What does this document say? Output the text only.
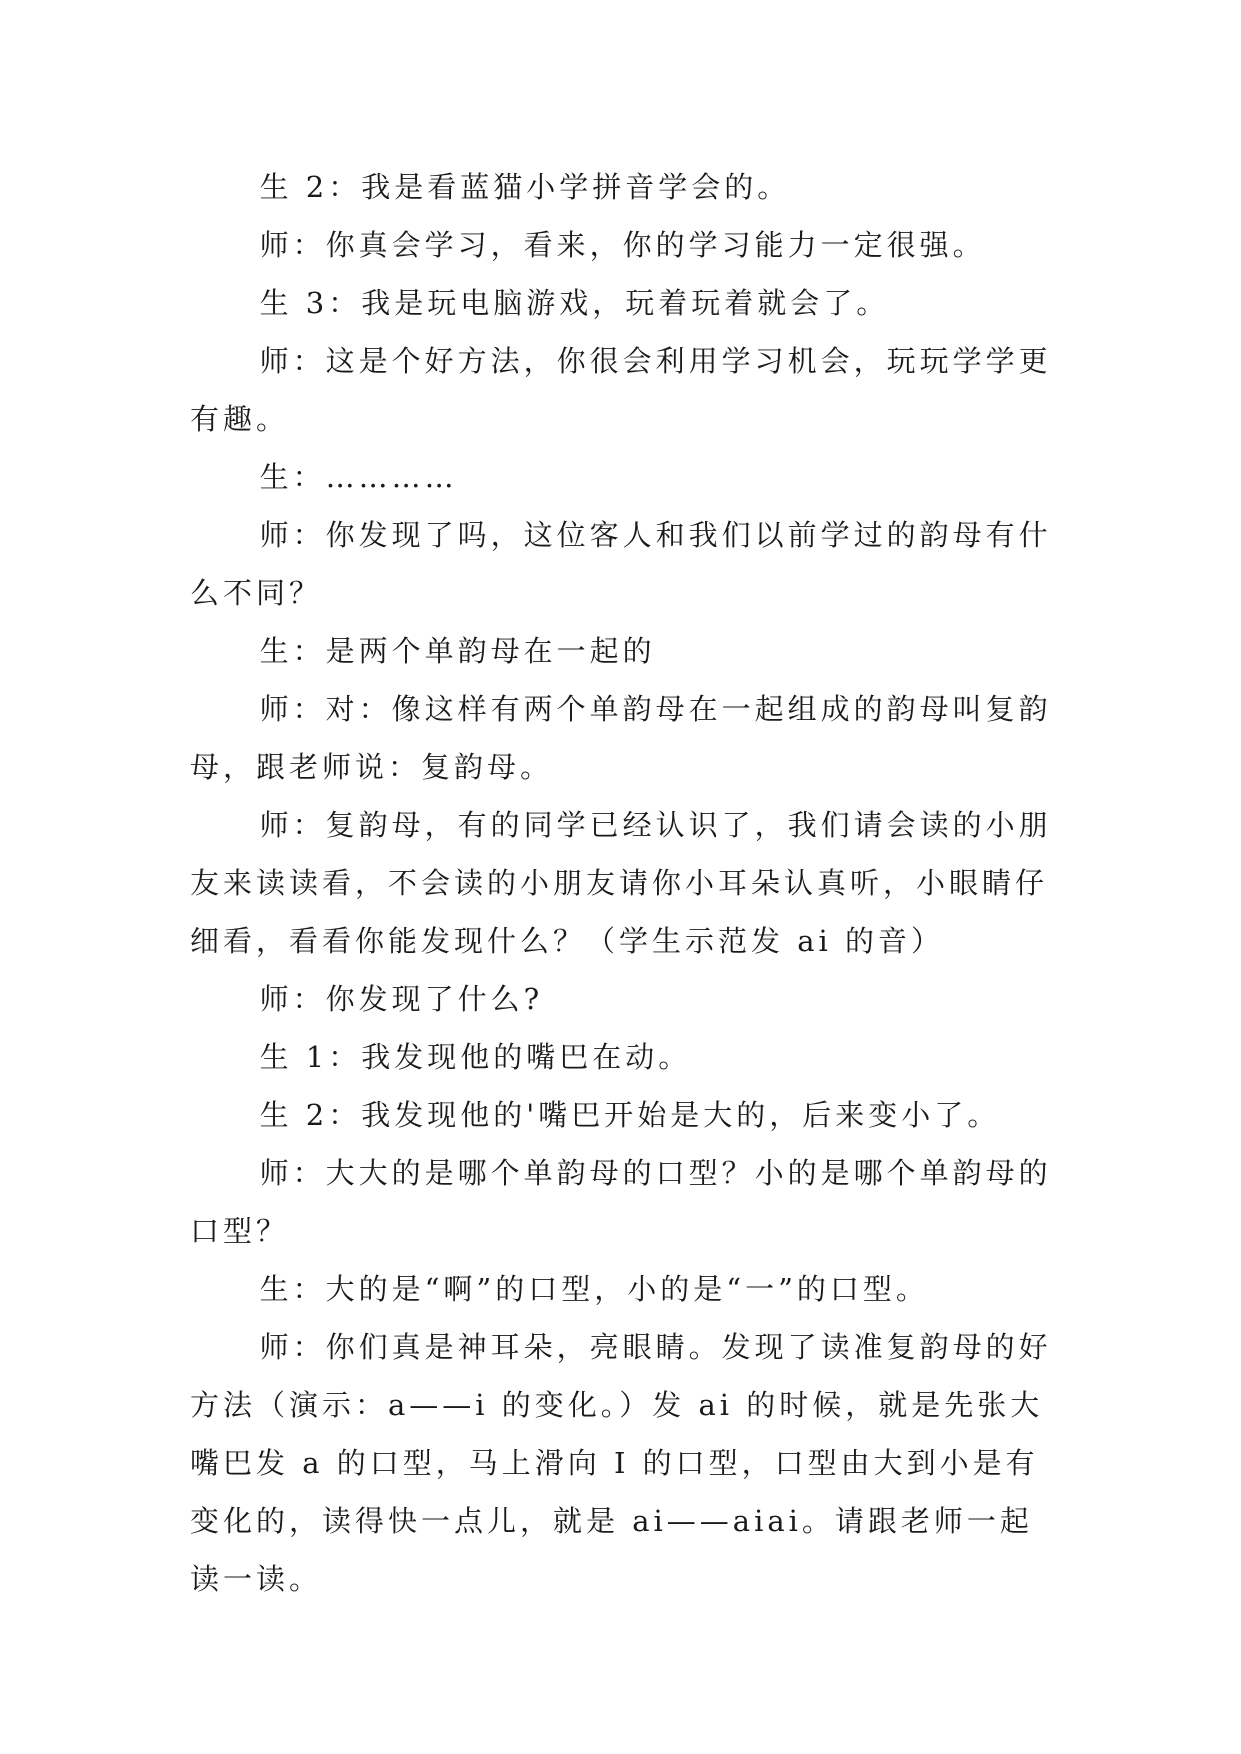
生 2：我是看蓝猫小学拼音学会的。

师：你真会学习，看来，你的学习能力一定很强。

生 3：我是玩电脑游戏，玩着玩着就会了。

师：这是个好方法，你很会利用学习机会，玩玩学学更有趣。

生：…………

师：你发现了吗，这位客人和我们以前学过的韵母有什么不同？

生：是两个单韵母在一起的

师：对：像这样有两个单韵母在一起组成的韵母叫复韵母，跟老师说：复韵母。

师：复韵母，有的同学已经认识了，我们请会读的小朋友来读读看，不会读的小朋友请你小耳朵认真听，小眼睛仔细看，看看你能发现什么？（学生示范发 ai 的音）

师：你发现了什么?

生 1：我发现他的嘴巴在动。

生 2：我发现他的'嘴巴开始是大的，后来变小了。

师：大大的是哪个单韵母的口型？小的是哪个单韵母的口型？

生：大的是“啊”的口型，小的是“一”的口型。

师：你们真是神耳朵，亮眼睛。发现了读准复韵母的好方法（演示：a——i 的变化。）发 ai 的时候，就是先张大嘴巴发 a 的口型，马上滑向 I 的口型，口型由大到小是有变化的，读得快一点儿，就是 ai——aiai。请跟老师一起读一读。
